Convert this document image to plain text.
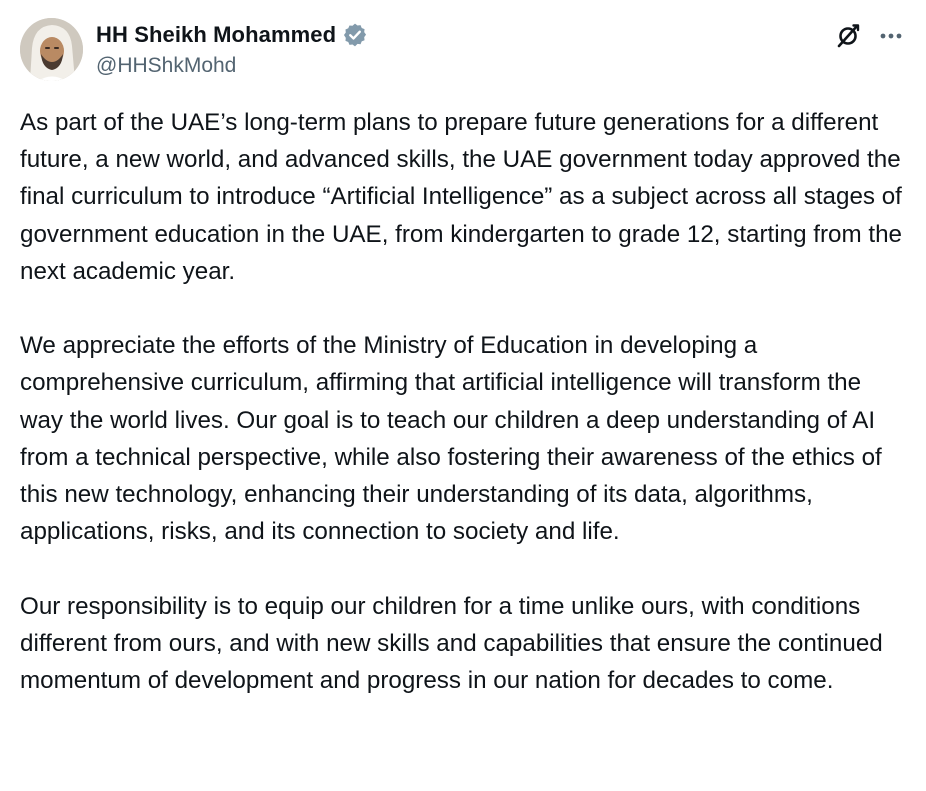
HH Sheikh Mohammed
@HHShkMohd

As part of the UAE’s long-term plans to prepare future generations for a different future, a new world, and advanced skills, the UAE government today approved the final curriculum to introduce “Artificial Intelligence” as a subject across all stages of government education in the UAE, from kindergarten to grade 12, starting from the next academic year.

We appreciate the efforts of the Ministry of Education in developing a comprehensive curriculum, affirming that artificial intelligence will transform the way the world lives. Our goal is to teach our children a deep understanding of AI from a technical perspective, while also fostering their awareness of the ethics of this new technology, enhancing their understanding of its data, algorithms, applications, risks, and its connection to society and life.

Our responsibility is to equip our children for a time unlike ours, with conditions different from ours, and with new skills and capabilities that ensure the continued momentum of development and progress in our nation for decades to come.
